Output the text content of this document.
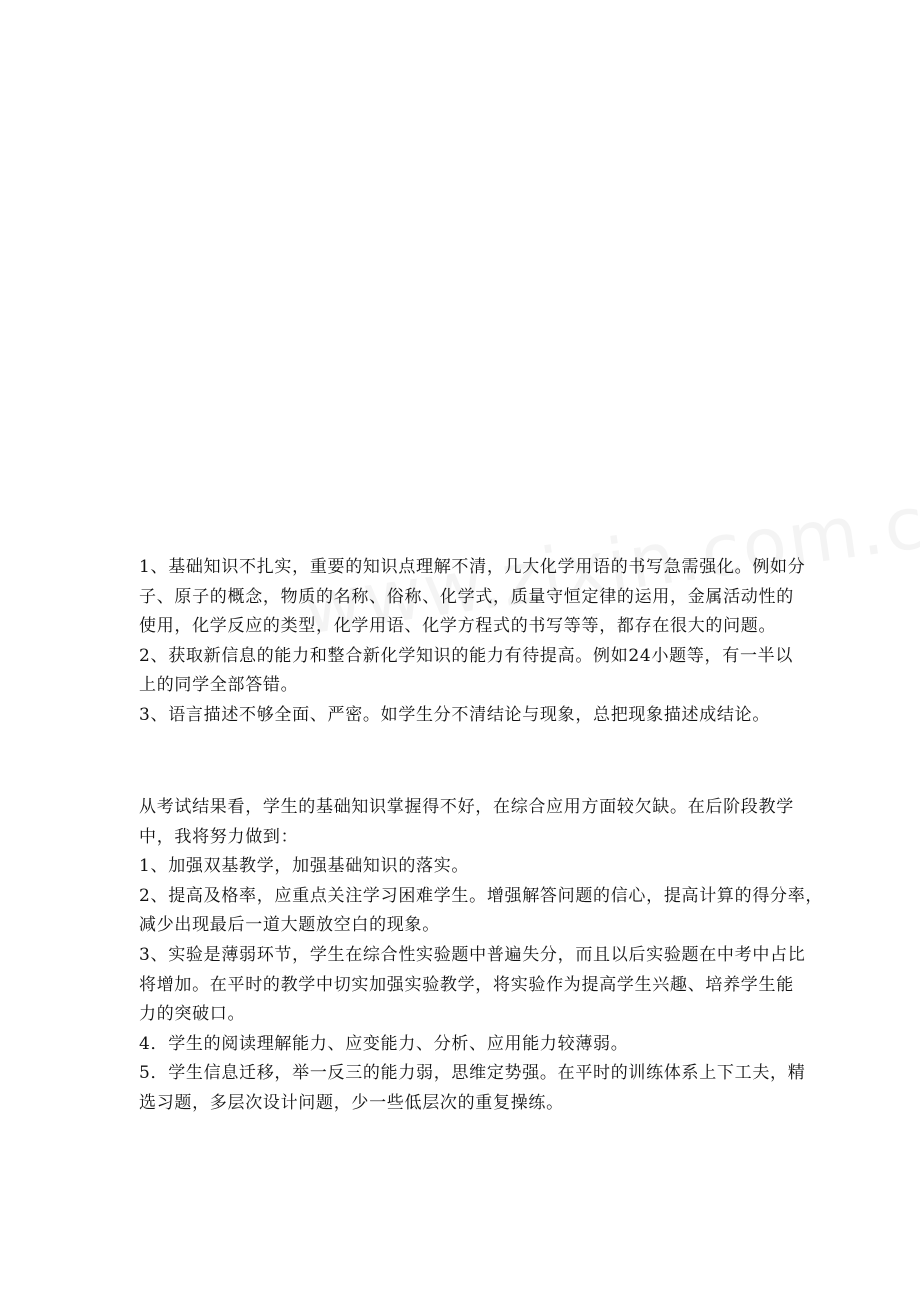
1、基础知识不扎实，重要的知识点理解不清，几大化学用语的书写急需强化。例如分
子、原子的概念，物质的名称、俗称、化学式，质量守恒定律的运用，金属活动性的
使用，化学反应的类型，化学用语、化学方程式的书写等等，都存在很大的问题。
2、获取新信息的能力和整合新化学知识的能力有待提高。例如24小题等，有一半以
上的同学全部答错。
3、语言描述不够全面、严密。如学生分不清结论与现象，总把现象描述成结论。
从考试结果看，学生的基础知识掌握得不好，在综合应用方面较欠缺。在后阶段教学
中，我将努力做到：
1、加强双基教学，加强基础知识的落实。
2、提高及格率，应重点关注学习困难学生。增强解答问题的信心，提高计算的得分率，
减少出现最后一道大题放空白的现象。
3、实验是薄弱环节，学生在综合性实验题中普遍失分，而且以后实验题在中考中占比
将增加。在平时的教学中切实加强实验教学，将实验作为提高学生兴趣、培养学生能
力的突破口。
4．学生的阅读理解能力、应变能力、分析、应用能力较薄弱。
5．学生信息迁移，举一反三的能力弱，思维定势强。在平时的训练体系上下工夫，精
选习题，多层次设计问题，少一些低层次的重复操练。
